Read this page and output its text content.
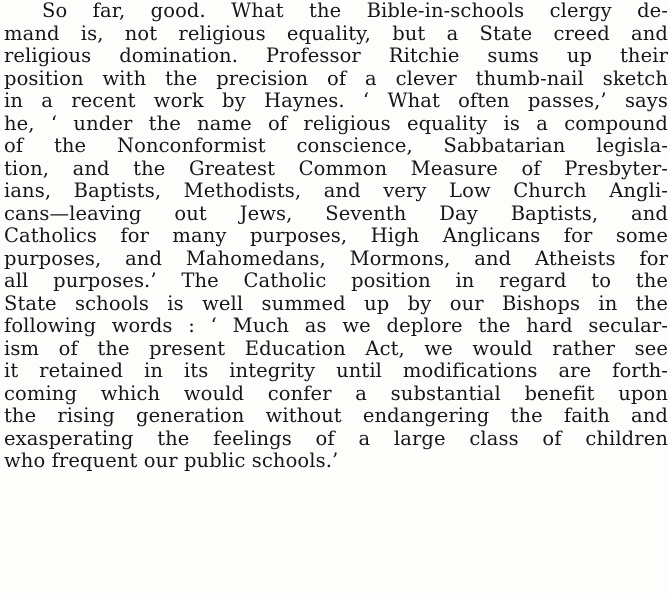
So far, good. What the Bible-in-schools clergy de-
mand is, not religious equality, but a State creed and
religious domination. Professor Ritchie sums up their
position with the precision of a clever thumb-nail sketch
in a recent work by Haynes. ‘ What often passes,’ says
he, ‘ under the name of religious equality is a compound
of the Nonconformist conscience, Sabbatarian legisla-
tion, and the Greatest Common Measure of Presbyter-
ians, Baptists, Methodists, and very Low Church Angli-
cans—leaving out Jews, Seventh Day Baptists, and
Catholics for many purposes, High Anglicans for some
purposes, and Mahomedans, Mormons, and Atheists for
all purposes.’ The Catholic position in regard to the
State schools is well summed up by our Bishops in the
following words : ‘ Much as we deplore the hard secular-
ism of the present Education Act, we would rather see
it retained in its integrity until modifications are forth-
coming which would confer a substantial benefit upon
the rising generation without endangering the faith and
exasperating the feelings of a large class of children
who frequent our public schools.’
